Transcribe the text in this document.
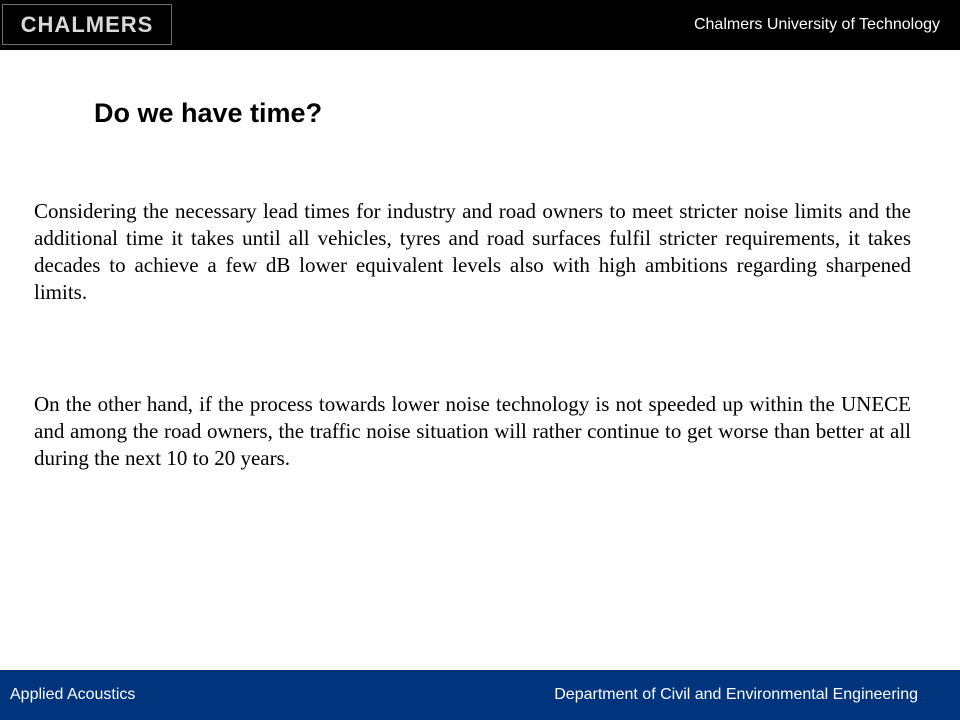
CHALMERS	Chalmers University of Technology
Do we have time?

Considering the necessary lead times for industry and road owners to meet stricter noise limits and the additional time it takes until all vehicles, tyres and road surfaces fulfil stricter requirements, it takes decades to achieve a few dB lower equivalent levels also with high ambitions regarding sharpened limits.

On the other hand, if the process towards lower noise technology is not speeded up within the UNECE and among the road owners, the traffic noise situation will rather continue to get worse than better at all during the next 10 to 20 years.

Applied Acoustics	Department of Civil and Environmental Engineering
